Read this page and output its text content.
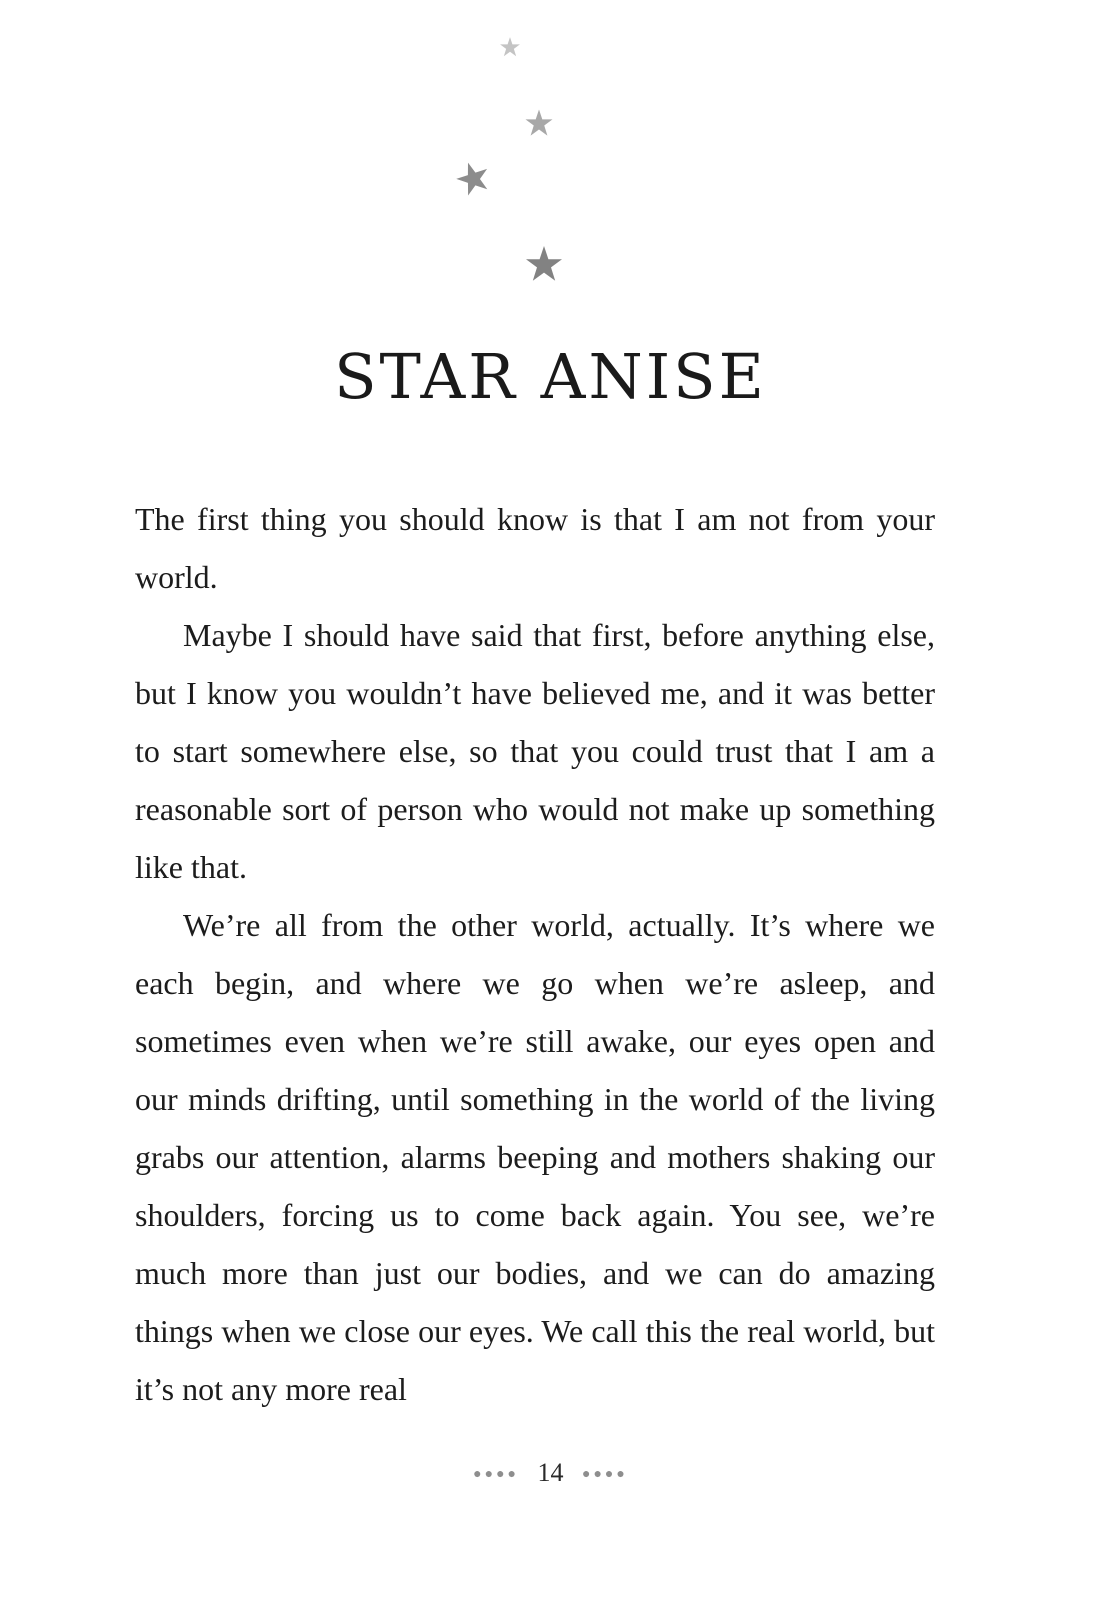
STAR ANISE

The first thing you should know is that I am not from your world.

Maybe I should have said that first, before anything else, but I know you wouldn’t have believed me, and it was better to start somewhere else, so that you could trust that I am a reasonable sort of person who would not make up something like that.

We’re all from the other world, actually. It’s where we each begin, and where we go when we’re asleep, and sometimes even when we’re still awake, our eyes open and our minds drifting, until something in the world of the living grabs our attention, alarms beeping and mothers shaking our shoulders, forcing us to come back again. You see, we’re much more than just our bodies, and we can do amazing things when we close our eyes. We call this the real world, but it’s not any more real

●●●● 14 ●●●●
